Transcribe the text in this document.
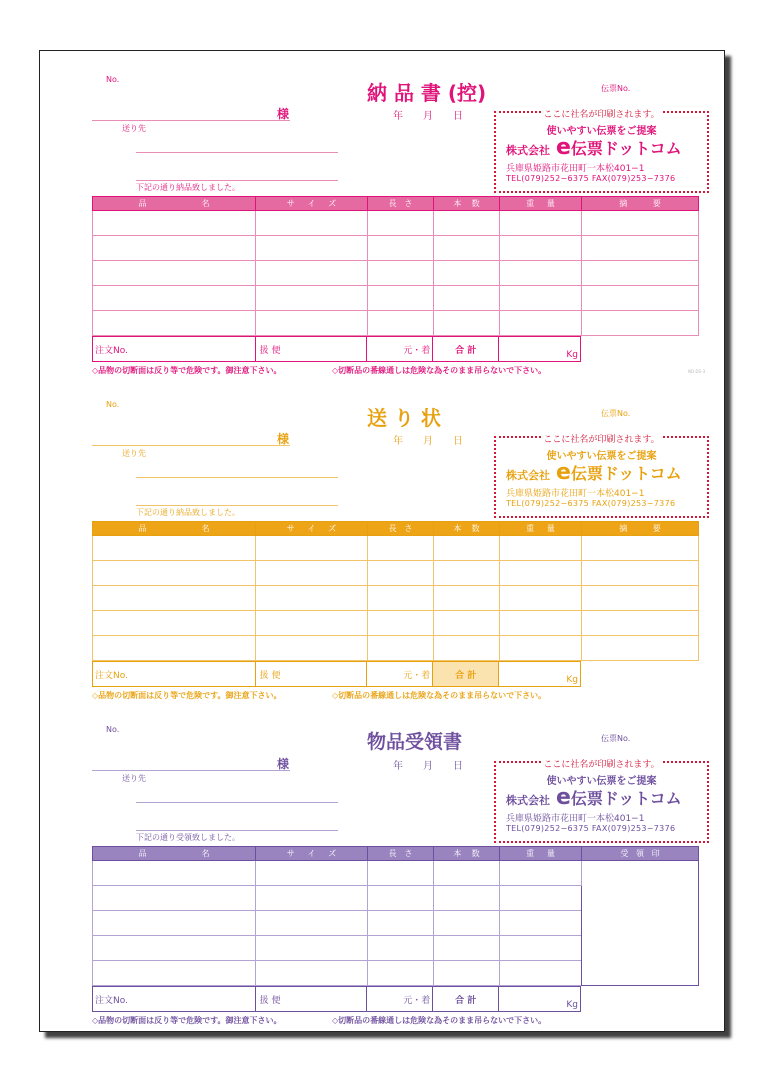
No.
納 品 書 (控)	伝票No.
様
送り先
年 月 日
下記の通り納品致しました。
ここに社名が印刷されます。
使いやすい伝票をご提案
株式会社 e伝票ドットコム
兵庫県姫路市花田町一本松401−1
TEL(079)252−6375 FAX(079)253−7376
品 名	サ イ ズ	長 さ	本 数	重 量	摘 要

注文No.	扱 便	元・着	合 計	Kg
◇品物の切断面は反り等で危険です。御注意下さい。	◇切断品の番線通しは危険な為そのまま吊らないで下さい。	ND-DS-3
No.
送 り 状	伝票No.
様
送り先
年 月 日
下記の通り納品致しました。
ここに社名が印刷されます。
使いやすい伝票をご提案
株式会社 e伝票ドットコム
兵庫県姫路市花田町一本松401−1
TEL(079)252−6375 FAX(079)253−7376
品 名	サ イ ズ	長 さ	本 数	重 量	摘 要

注文No.	扱 便	元・着	合 計	Kg
◇品物の切断面は反り等で危険です。御注意下さい。	◇切断品の番線通しは危険な為そのまま吊らないで下さい。
No.
物品受領書	伝票No.
様
送り先
年 月 日
下記の通り受領致しました。
ここに社名が印刷されます。
使いやすい伝票をご提案
株式会社 e伝票ドットコム
兵庫県姫路市花田町一本松401−1
TEL(079)252−6375 FAX(079)253−7376
品 名	サ イ ズ	長 さ	本 数	重 量	受 領 印

注文No.	扱 便	元・着	合 計	Kg
◇品物の切断面は反り等で危険です。御注意下さい。	◇切断品の番線通しは危険な為そのまま吊らないで下さい。
